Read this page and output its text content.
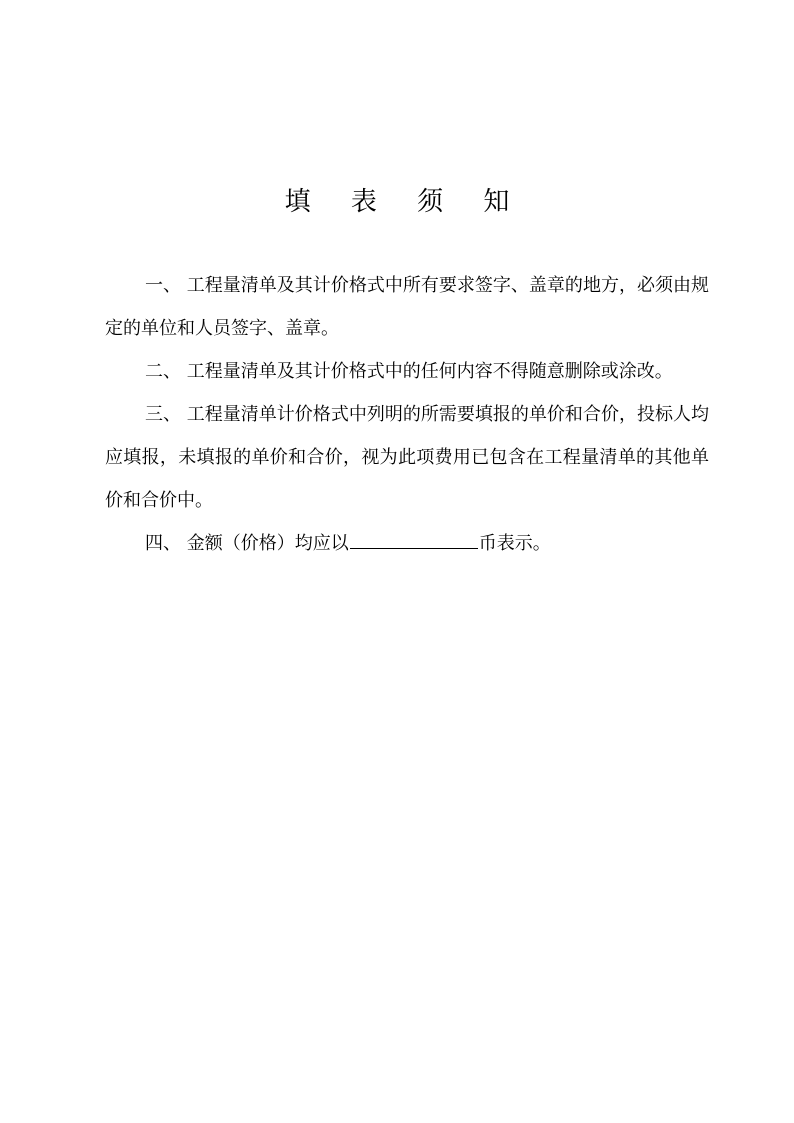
填 表 须 知

一、 工程量清单及其计价格式中所有要求签字、盖章的地方，必须由规定的单位和人员签字、盖章。

二、 工程量清单及其计价格式中的任何内容不得随意删除或涂改。

三、 工程量清单计价格式中列明的所需要填报的单价和合价，投标人均应填报，未填报的单价和合价，视为此项费用已包含在工程量清单的其他单价和合价中。

四、 金额（价格）均应以	币表示。
